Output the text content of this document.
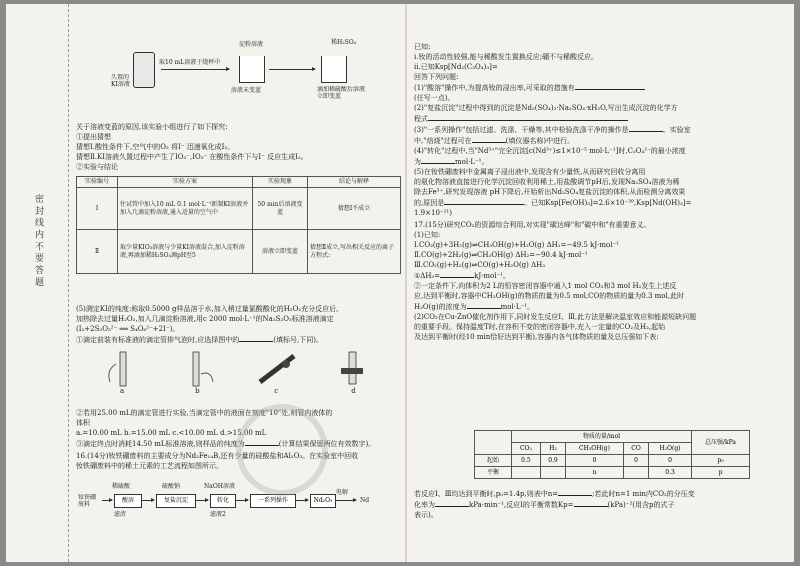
密 封 线 内 不 要 答 题
久置的KI溶液
取10 mL溶液于烧杯中
淀粉溶液
溶液未变蓝
稀H₂SO₄
滴加稀硫酸后溶液立即变蓝
关于溶液变蓝的原因,该实验小组进行了如下探究:
①提出猜想
猜想Ⅰ.酸性条件下,空气中的O₂ 将I⁻ 迅速氧化成I₂。
猜想Ⅱ.KI溶液久置过程中产生了IO₃⁻,IO₃⁻ 在酸性条件下与I⁻ 反应生成I₂。
②实验与结论
实验编号	实验方案	实验现象	结论与解释
Ⅰ	往试管中加入10 mL 0.1 mol·L⁻¹新制KI溶液并加入几滴淀粉溶液,通入适量的空气中	50 min后溶液变蓝	猜想Ⅰ不成立
Ⅱ	取少量KIO₃溶液与少量KI溶液混合,加入淀粉溶液,再滴加稀H₂SO₄调pH至5	溶液立即变蓝	猜想Ⅱ成立,写出相关反应的离子方程式:
(5)测定KI的纯度:称取0.5000 g样品溶于水,加入稍过量氯酸酸化的H₂O₂充分反应后,
加热除去过量H₂O₂,加入几滴淀粉溶液,用c 2000 mol·L⁻¹的Na₂S₂O₃标准溶液滴定
(I₂+2S₂O₃²⁻ ══ S₄O₆²⁻+2I⁻)。
①滴定前装有标准液的滴定管排气泡时,应选择图中的	(填标号,下同)。
a
	b
	c
	d
②若用25.00 mL的滴定管进行实验,当滴定管中的液面在刻度"10"处,则管内液体的
体积
a.=10.00 mL b.=15.00 mL c.<10.00 mL d.>15.00 mL
③滴定终点时消耗14.50 mL标准溶液,则样品的纯度为	(计算结果保留两位有效数字)。
16.(14分)钕铁硼废料的主要成分为Nd₂Fe₁₄B,还有少量的硅酸盐和Al₂O₃。在实验室中回收
钕铁硼废料中的稀土元素的工艺流程如图所示。
钕铁硼废料
酸溶
稀硫酸
滤渣
复盐沉淀
硫酸钠
转化
NaOH溶液
滤液2
一系列操作	Nd₂O₃
电解
Nd
已知:
ⅰ.钕的活动性较强,能与稀酸发生置换反应;硼不与稀酸反应。
ⅱ.已知Ksp[Nd₂(C₂O₄)₃]=
回答下列问题:
(1)"酸溶"操作中,为提高钕的浸出率,可采取的措施有
(任写一点)。
(2)"复盐沉淀"过程中得到的沉淀是Nd₂(SO₄)₃·Na₂SO₄·xH₂O,写出生成沉淀的化学方
程式
(3)"一系列操作"包括过滤、洗涤、干燥等,其中检验洗涤干净的操作是	。实验室
中,"焙烧"过程可在	(填仪器名称)中进行。
(4)"转化"过程中,当"Nd³⁺"完全沉淀[c(Nd³⁺)≤1×10⁻⁵ mol·L⁻¹]时,C₂O₄²⁻的最小浓度
为	mol·L⁻¹。
(5)在钕铁硼废料中金属离子浸出液中,发现含有少量铁,从而研究回收分离用
的氨化物溶液直接进行化学沉淀回收利用稀土,用盐酸调节pH后,发现Na₂SO₄溶液为稀
除去Fe³⁺,研究发现溶液 pH下降后,开始析出Nd₂SO₄复盐沉淀的体积,从而检测分离效果
的,原因是	。已知Ksp[Fe(OH)₃]=2.6×10⁻³⁹,Ksp[Nd(OH)₃]=
1.9×10⁻²¹)
17.(15分)研究CO₂的资源综合利用,对实现"碳达峰"和"碳中和"有重要意义。
(1)已知:
Ⅰ.CO₂(g)+3H₂(g)⇌CH₃OH(g)+H₂O(g) ΔH₁=−49.5 kJ·mol⁻¹
Ⅱ.CO(g)+2H₂(g)⇌CH₃OH(g) ΔH₂=−90.4 kJ·mol⁻¹
Ⅲ.CO₂(g)+H₂(g)⇌CO(g)+H₂O(g) ΔH₃
①ΔH₃=	kJ·mol⁻¹。
②一定条件下,向体积为2 L的恒容密闭容器中通入1 mol CO₂和3 mol H₂发生上述反
应,达到平衡时,容器中CH₃OH(g)的物质的量为0.5 mol,CO的物质的量为0.3 mol,此时
H₂O(g)的浓度为	mol·L⁻¹。
(2)CO₂在Cu-ZnO催化剂作用下,同时发生反应Ⅰ、Ⅲ,此方法是解决温室效应和能源短缺问题
的重要手段。保持温度T时,在容积不变的密闭容器中,充入一定量的CO₂及H₂,起始
及达到平衡时(经10 min恰好达到平衡),容器内各气体物质的量及总压强如下表:
	物质的量/mol					总压强/kPa
	CO₂	H₂	CH₃OH(g)	CO	H₂O(g)	
起始	0.5	0.9	0	0	0	p₀
平衡			n		0.3	p
若反应Ⅰ、Ⅲ均达到平衡时,p₀=1.4p,则表中n=	;若此时n=1 min内CO₂的分压变
化率为	kPa·min⁻¹,反应Ⅰ的平衡常数Kp=	(kPa)⁻²(用含p的式子
表示)。
